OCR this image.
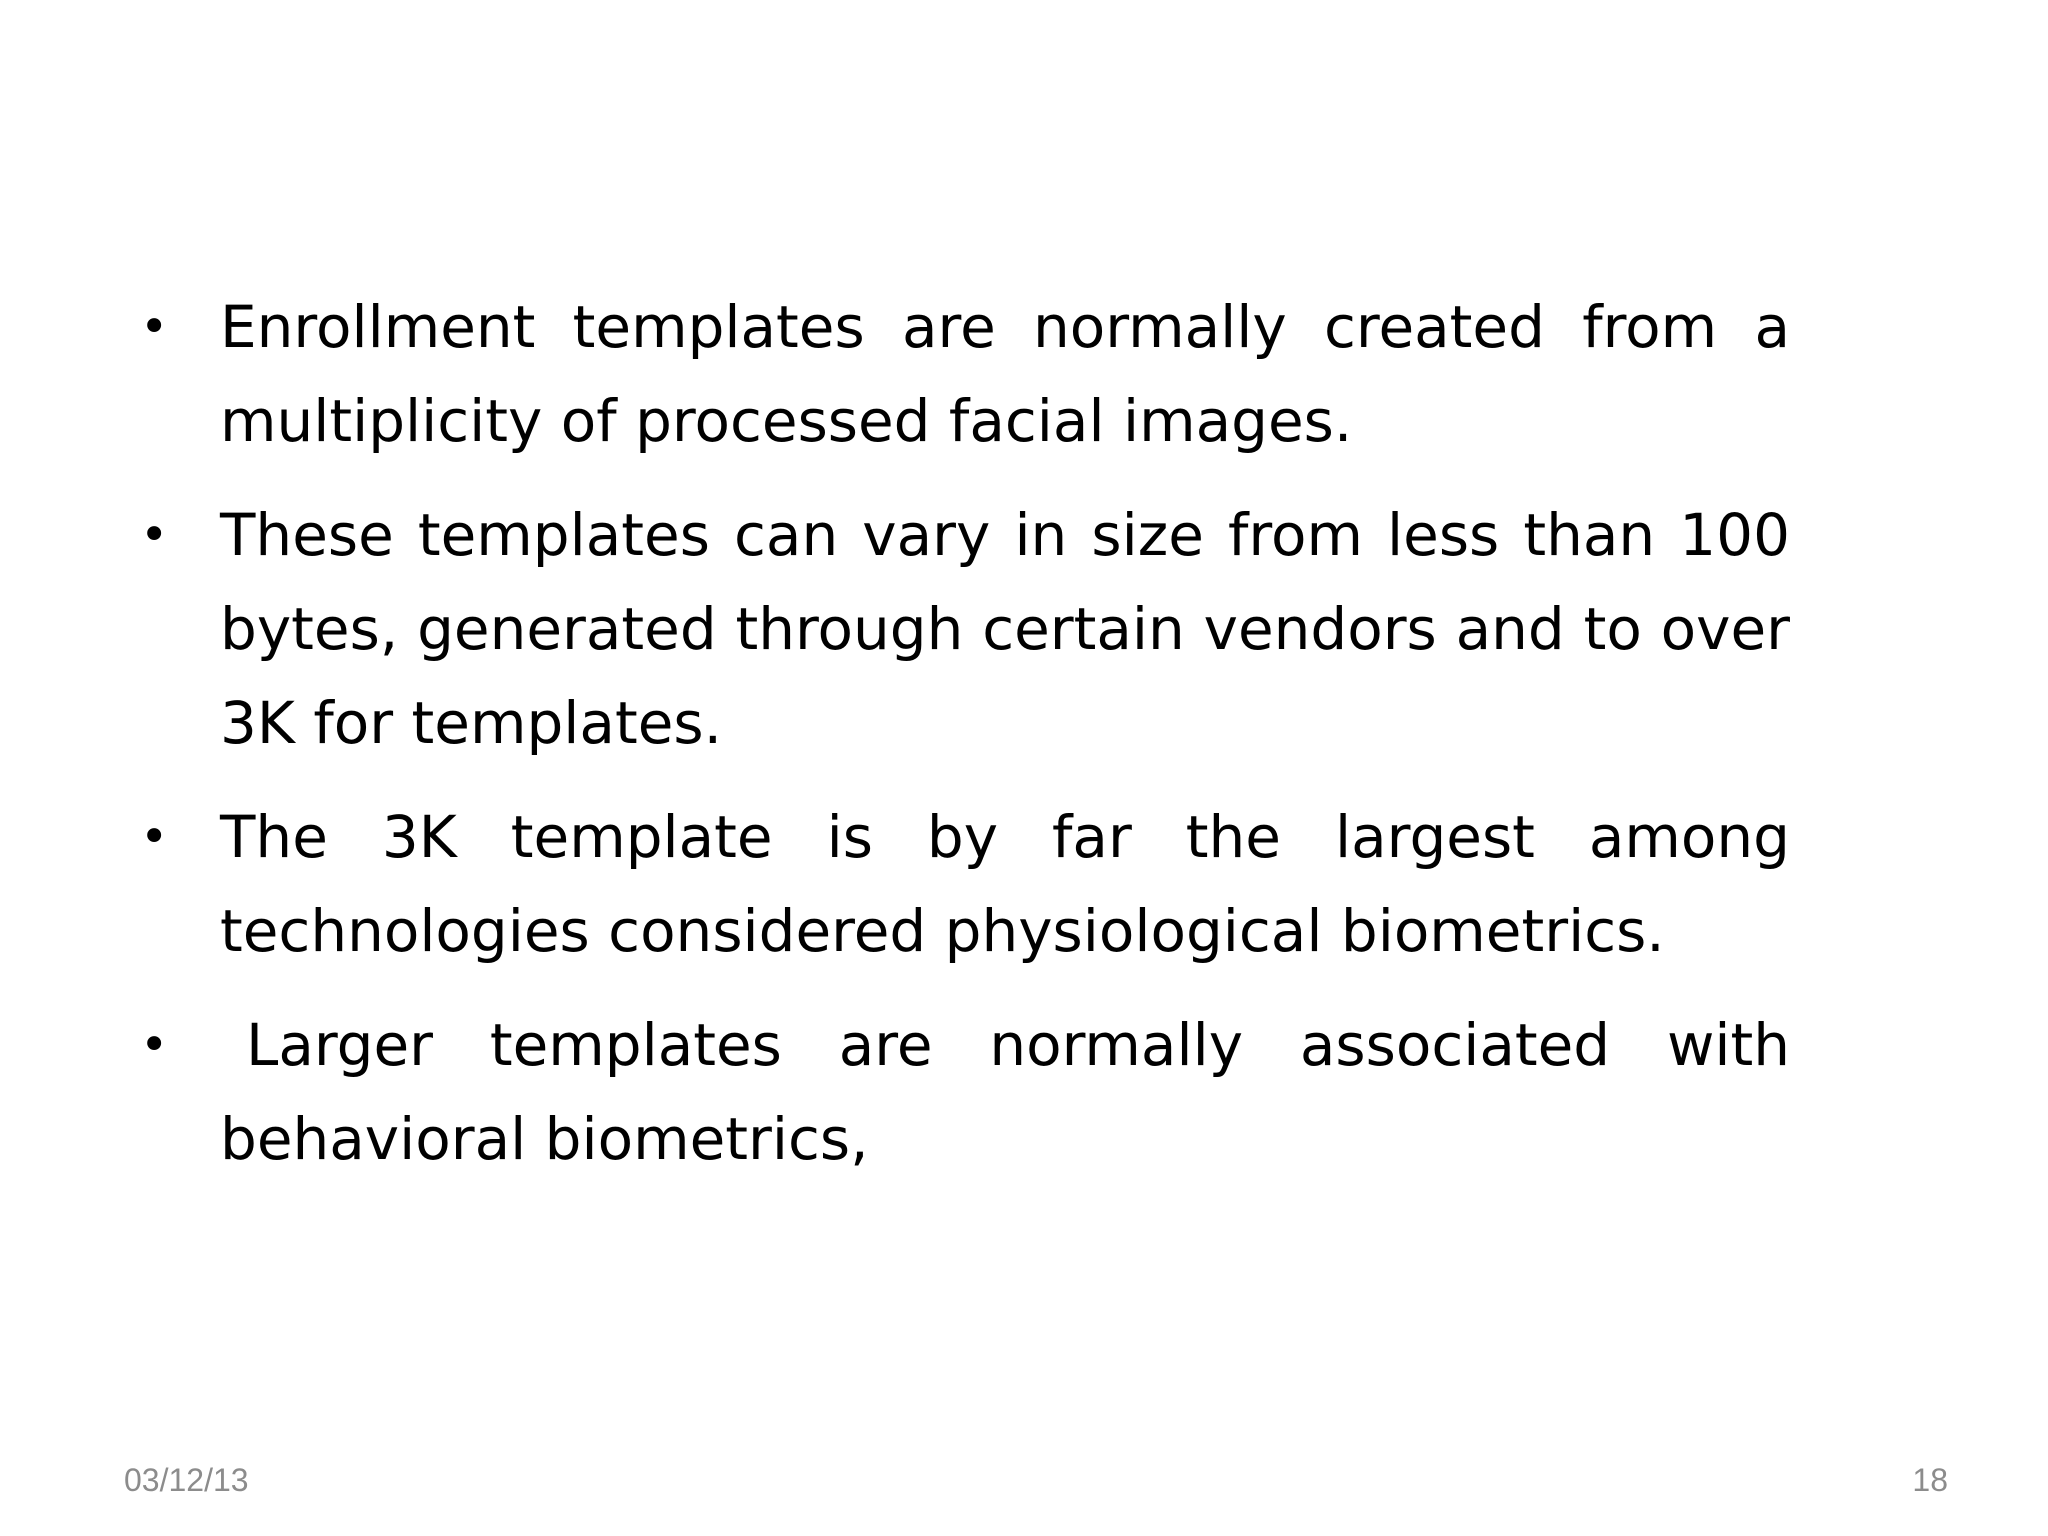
• Enrollment templates are normally created from a multiplicity of processed facial images.
• These templates can vary in size from less than 100 bytes, generated through certain vendors and to over 3K for templates.
• The 3K template is by far the largest among technologies considered physiological biometrics.
•	Larger templates are normally associated with behavioral biometrics,
03/12/13	18
